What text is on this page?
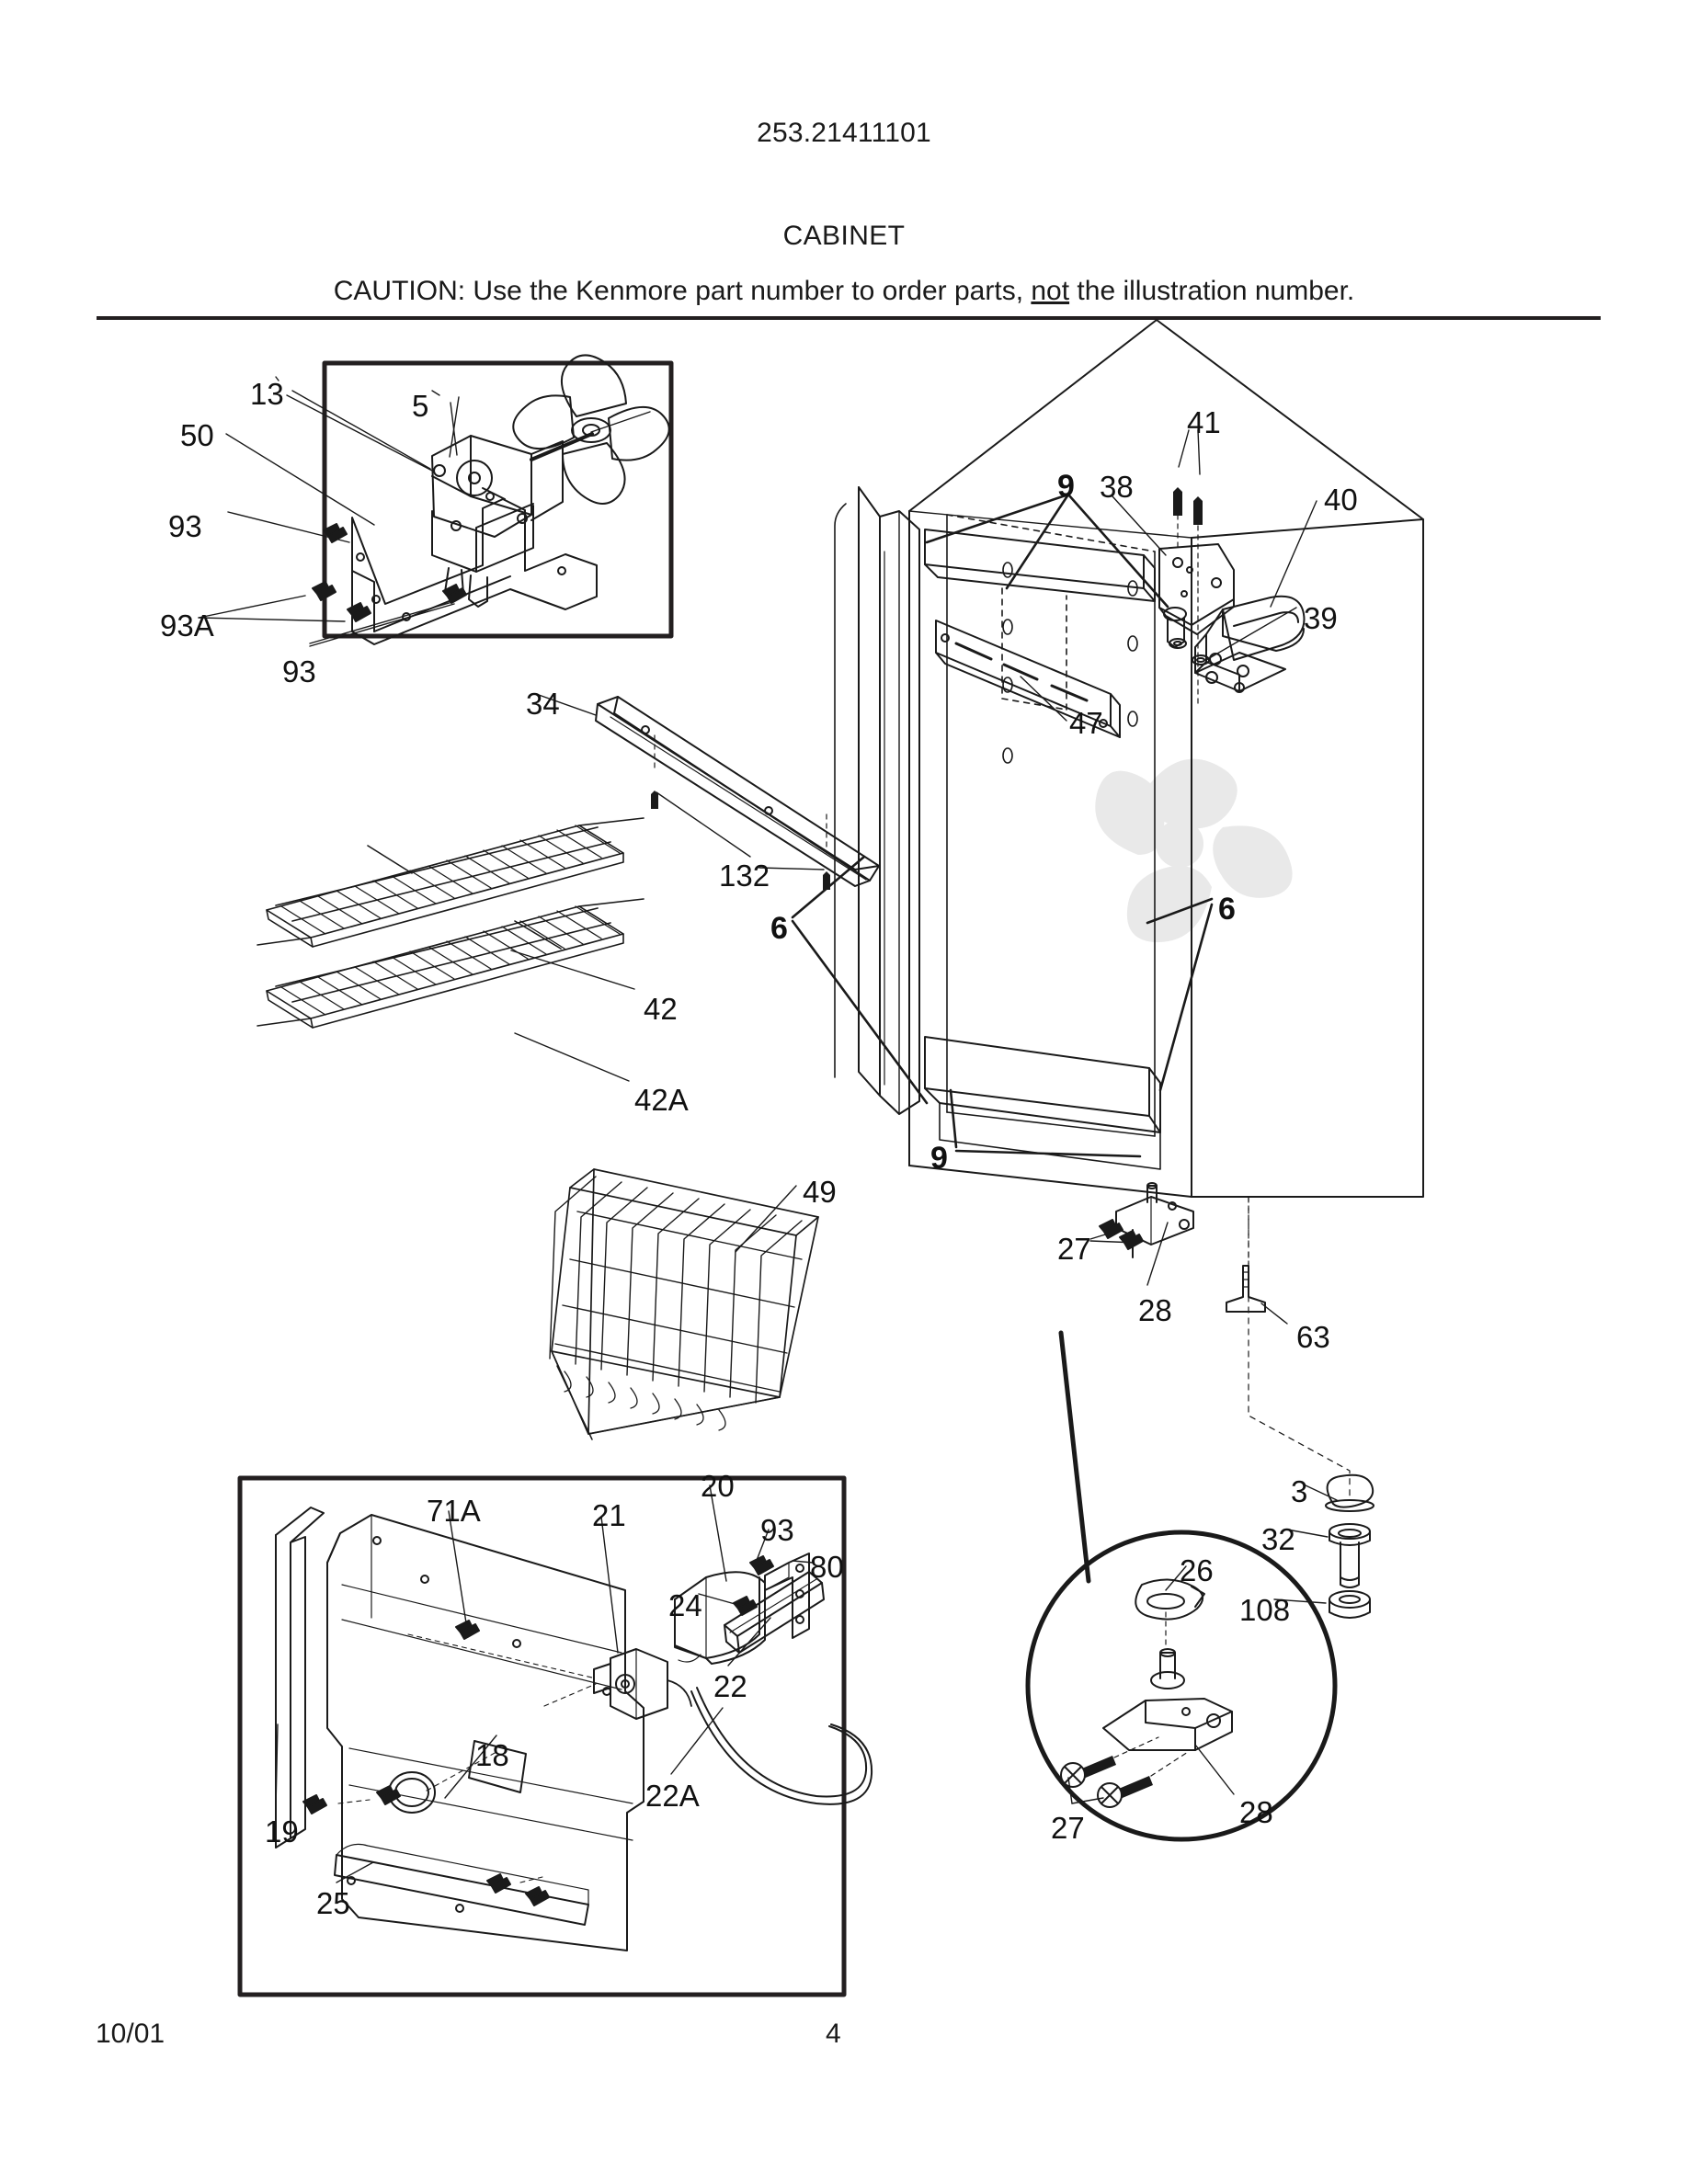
253.21411101
CABINET
CAUTION: Use the Kenmore part number to order parts, not the illustration number.
50
13	5
93
93A
93
41
9 38	40
39
34
47
132
6
6
42
42A
9
49
27
28
63
3
32
26
108
27	28
20
71A	21	93
80
24
22
18
22A
19
25
10/01	4
